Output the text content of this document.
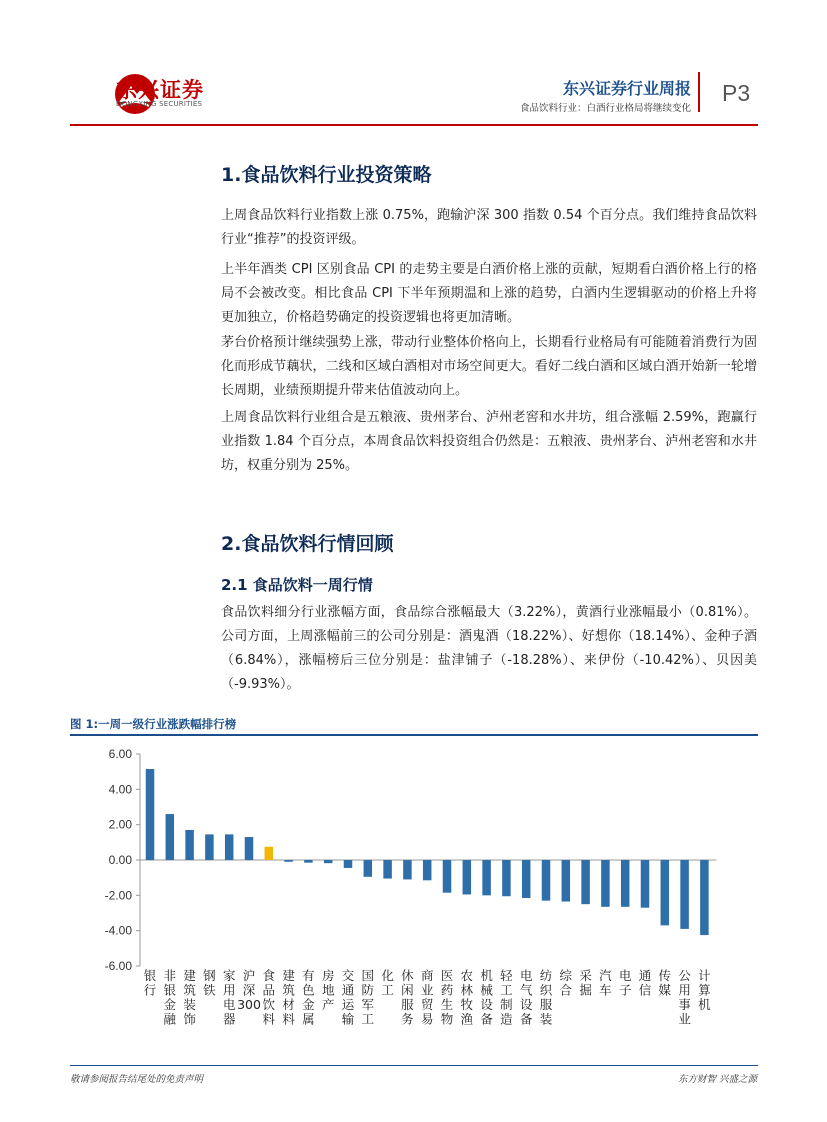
东兴证券
DONGXING SECURITIES
东兴证券行业周报
食品饮料行业：白酒行业格局将继续变化
P3
1.食品饮料行业投资策略

上周食品饮料行业指数上涨 0.75%，跑输沪深 300 指数 0.54 个百分点。我们维持食品饮料行业“推荐”的投资评级。

上半年酒类 CPI 区别食品 CPI 的走势主要是白酒价格上涨的贡献，短期看白酒价格上行的格局不会被改变。相比食品 CPI 下半年预期温和上涨的趋势，白酒内生逻辑驱动的价格上升将更加独立，价格趋势确定的投资逻辑也将更加清晰。

茅台价格预计继续强势上涨，带动行业整体价格向上，长期看行业格局有可能随着消费行为固化而形成节藕状，二线和区域白酒相对市场空间更大。看好二线白酒和区域白酒开始新一轮增长周期，业绩预期提升带来估值波动向上。

上周食品饮料行业组合是五粮液、贵州茅台、泸州老窖和水井坊，组合涨幅 2.59%，跑赢行业指数 1.84 个百分点，本周食品饮料投资组合仍然是：五粮液、贵州茅台、泸州老窖和水井坊，权重分别为 25%。

2.食品饮料行情回顾
2.1 食品饮料一周行情

食品饮料细分行业涨幅方面，食品综合涨幅最大（3.22%），黄酒行业涨幅最小（0.81%）。公司方面，上周涨幅前三的公司分别是：酒鬼酒（18.22%）、好想你（18.14%）、金种子酒（6.84%），涨幅榜后三位分别是：盐津铺子（-18.28%）、来伊份（-10.42%）、贝因美（-9.93%）。

图 1:一周一级行业涨跌幅排行榜
6.00
4.00
2.00
0.00
-2.00
-4.00
-6.00
银行
非银金融
建筑装饰
钢铁
家用电器
沪深 300
食品饮料
建筑材料
有色金属
房地产
交通运输
国防军工
化工
休闲服务
商业贸易
医药生物
农林牧渔
机械设备
轻工制造
电气设备
纺织服装
综合
采掘
汽车
电子
通信
传媒
公用事业
计算机
敬请参阅报告结尾处的免责声明	东方财智 兴盛之源
